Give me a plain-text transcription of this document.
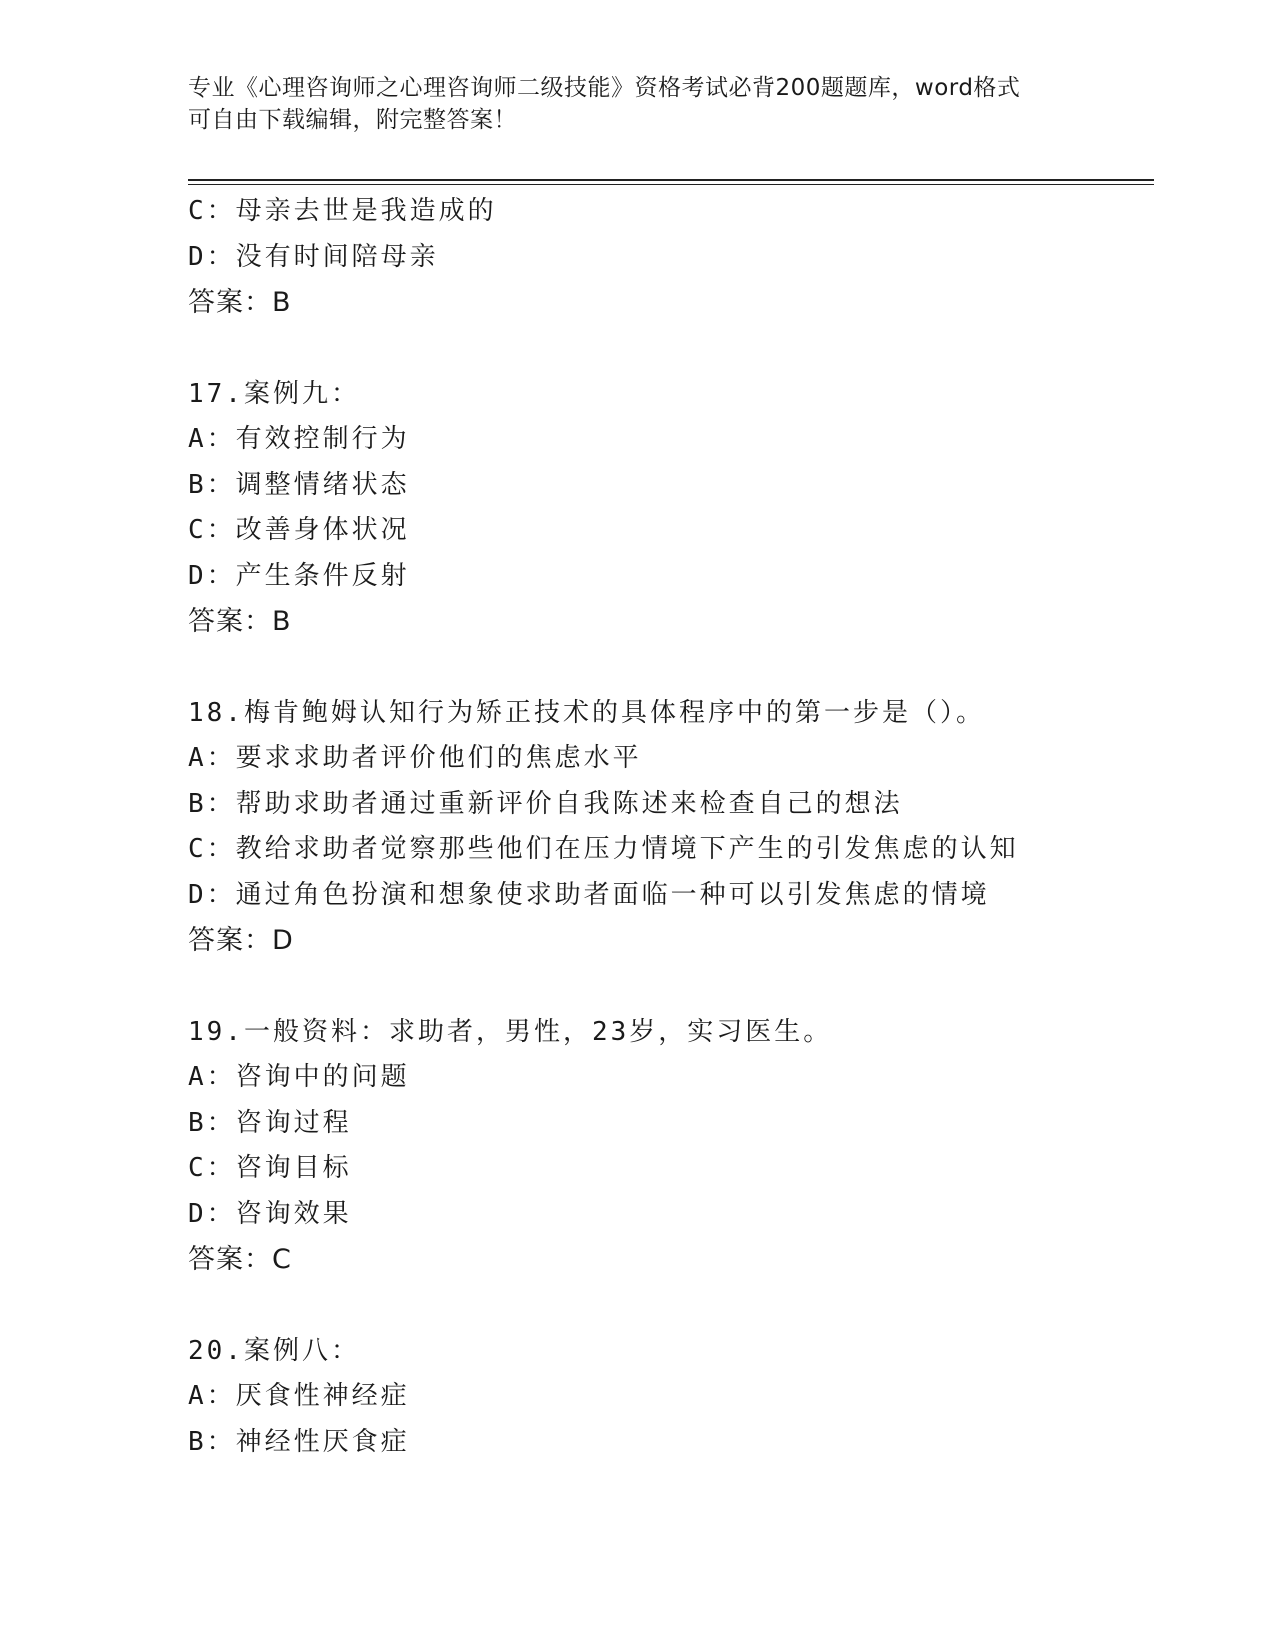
专业《心理咨询师之心理咨询师二级技能》资格考试必背200题题库，word格式
可自由下载编辑，附完整答案！
C：母亲去世是我造成的
D：没有时间陪母亲
答案：B
17.案例九：
A：有效控制行为
B：调整情绪状态
C：改善身体状况
D：产生条件反射
答案：B
18.梅肯鲍姆认知行为矫正技术的具体程序中的第一步是（）。
A：要求求助者评价他们的焦虑水平
B：帮助求助者通过重新评价自我陈述来检查自己的想法
C：教给求助者觉察那些他们在压力情境下产生的引发焦虑的认知
D：通过角色扮演和想象使求助者面临一种可以引发焦虑的情境
答案：D
19.一般资料：求助者，男性，23岁，实习医生。
A：咨询中的问题
B：咨询过程
C：咨询目标
D：咨询效果
答案：C
20.案例八：
A：厌食性神经症
B：神经性厌食症
